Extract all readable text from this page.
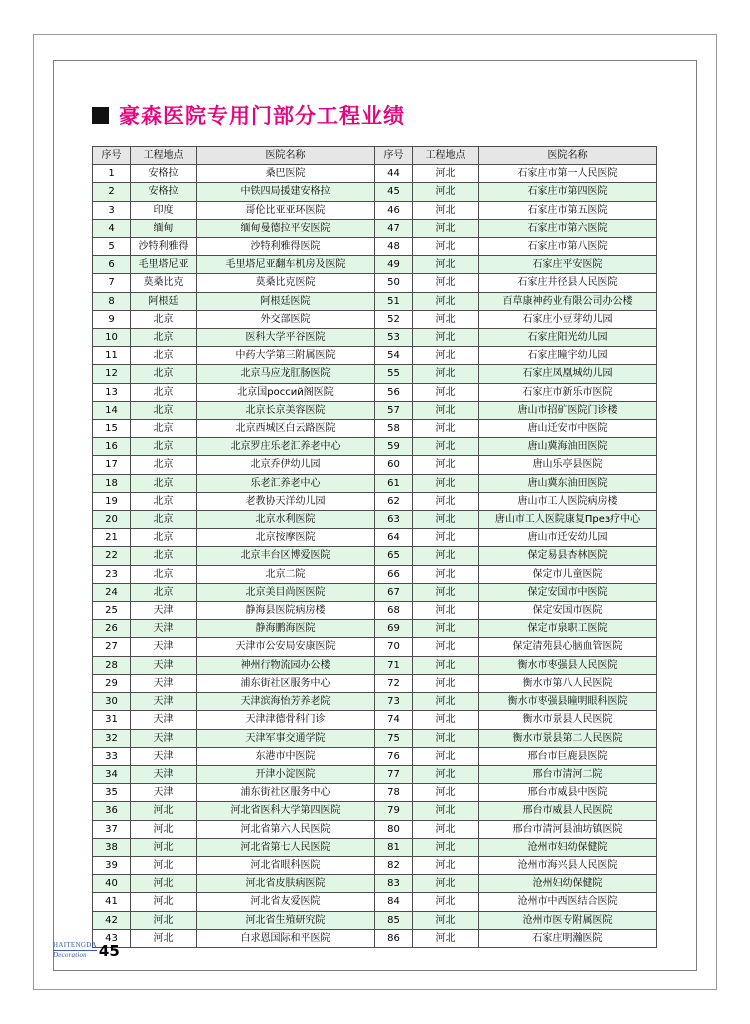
豪森医院专用门部分工程业绩
序号	工程地点	医院名称	序号	工程地点	医院名称
1	安格拉	桑巴医院	44	河北	石家庄市第一人民医院
2	安格拉	中铁四局援建安格拉	45	河北	石家庄市第四医院
3	印度	哥伦比亚亚环医院	46	河北	石家庄市第五医院
4	缅甸	缅甸曼德拉平安医院	47	河北	石家庄市第六医院
5	沙特利雅得	沙特利雅得医院	48	河北	石家庄市第八医院
6	毛里塔尼亚	毛里塔尼亚翻车机房及医院	49	河北	石家庄平安医院
7	莫桑比克	莫桑比克医院	50	河北	石家庄井径县人民医院
8	阿根廷	阿根廷医院	51	河北	百草康神药业有限公司办公楼
9	北京	外交部医院	52	河北	石家庄小豆芽幼儿园
10	北京	医科大学平谷医院	53	河北	石家庄阳光幼儿园
11	北京	中药大学第三附属医院	54	河北	石家庄瞳宇幼儿园
12	北京	北京马应龙肛肠医院	55	河北	石家庄凤凰城幼儿园
13	北京	北京国россий阁医院	56	河北	石家庄市新乐市医院
14	北京	北京长京美容医院	57	河北	唐山市招矿医院门诊楼
15	北京	北京西城区白云路医院	58	河北	唐山迁安市中医院
16	北京	北京罗庄乐老汇养老中心	59	河北	唐山冀海油田医院
17	北京	北京乔伊幼儿园	60	河北	唐山乐亭县医院
18	北京	乐老汇养老中心	61	河北	唐山冀东油田医院
19	北京	老教协天洋幼儿园	62	河北	唐山市工人医院病房楼
20	北京	北京水利医院	63	河北	唐山市工人医院康复През疗中心
21	北京	北京按摩医院	64	河北	唐山市迁安幼儿园
22	北京	北京丰台区博爱医院	65	河北	保定易县杏林医院
23	北京	北京二院	66	河北	保定市儿童医院
24	北京	北京美目尚医医院	67	河北	保定安国市中医院
25	天津	静海县医院病房楼	68	河北	保定安国市医院
26	天津	静海鹏海医院	69	河北	保定市泉职工医院
27	天津	天津市公安局安康医院	70	河北	保定清苑县心脑血管医院
28	天津	神州行物流园办公楼	71	河北	衡水市枣强县人民医院
29	天津	浦东街社区服务中心	72	河北	衡水市第八人民医院
30	天津	天津滨海怡芳养老院	73	河北	衡水市枣强县瞳明眼科医院
31	天津	天津津德骨科门诊	74	河北	衡水市景县人民医院
32	天津	天津军事交通学院	75	河北	衡水市景县第二人民医院
33	天津	东港市中医院	76	河北	邢台市巨鹿县医院
34	天津	开津小淀医院	77	河北	邢台市清河二院
35	天津	浦东街社区服务中心	78	河北	邢台市威县中医院
36	河北	河北省医科大学第四医院	79	河北	邢台市威县人民医院
37	河北	河北省第六人民医院	80	河北	邢台市清河县油坊镇医院
38	河北	河北省第七人民医院	81	河北	沧州市妇幼保健院
39	河北	河北省眼科医院	82	河北	沧州市海兴县人民医院
40	河北	河北省皮肤病医院	83	河北	沧州妇幼保健院
41	河北	河北省友爱医院	84	河北	沧州市中西医结合医院
42	河北	河北省生殖研究院	85	河北	沧州市医专附属医院
43	河北	白求恩国际和平医院	86	河北	石家庄明瀚医院
HAITENGDA
Decoration 45
